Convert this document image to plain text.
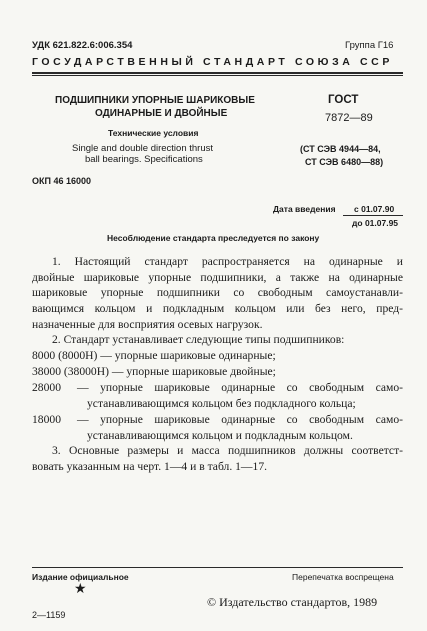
УДК 621.822.6:006.354	Группа Г16
ГОСУДАРСТВЕННЫЙ СТАНДАРТ СОЮЗА ССР
ПОДШИПНИКИ УПОРНЫЕ ШАРИКОВЫЕ
ОДИНАРНЫЕ И ДВОЙНЫЕ
Технические условия
Single and double direction thrust
ball bearings. Specifications
ГОСТ
7872—89
(СТ СЭВ 4944—84,
СТ СЭВ 6480—88)
ОКП 46 16000
Дата введения с 01.07.90
до 01.07.95
Несоблюдение стандарта преследуется по закону
1. Настоящий стандарт распространяется на одинарные и
двойные шариковые упорные подшипники, а также на одинарные
шариковые упорные подшипники со свободным самоустанавли-
вающимся кольцом и подкладным кольцом или без него, пред-
назначенные для восприятия осевых нагрузок.
2. Стандарт устанавливает следующие типы подшипников:
8000 (8000Н) — упорные шариковые одинарные;
38000 (38000Н) — упорные шариковые двойные;
28000 — упорные шариковые одинарные со свободным само-
устанавливающимся кольцом без подкладного кольца;
18000 — упорные шариковые одинарные со свободным само-
устанавливающимся кольцом и подкладным кольцом.
3. Основные размеры и масса подшипников должны соответст-
вовать указанным на черт. 1—4 и в табл. 1—17.
Издание официальное	Перепечатка воспрещена
★
© Издательство стандартов, 1989
2—1159
